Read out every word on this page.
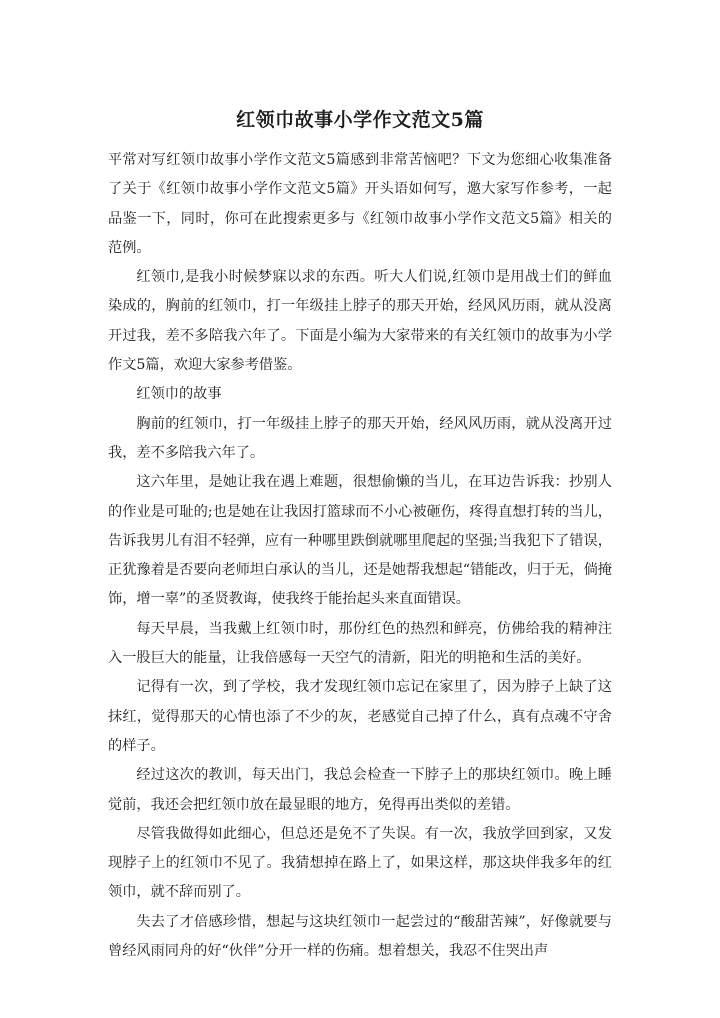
红领巾故事小学作文范文5篇

平常对写红领巾故事小学作文范文5篇感到非常苦恼吧？下文为您细心收集准备了关于《红领巾故事小学作文范文5篇》开头语如何写，邀大家写作参考，一起品鉴一下，同时，你可在此搜索更多与《红领巾故事小学作文范文5篇》相关的范例。

红领巾,是我小时候梦寐以求的东西。听大人们说,红领巾是用战士们的鲜血染成的，胸前的红领巾，打一年级挂上脖子的那天开始，经风风历雨，就从没离开过我，差不多陪我六年了。下面是小编为大家带来的有关红领巾的故事为小学作文5篇，欢迎大家参考借鉴。

红领巾的故事

胸前的红领巾，打一年级挂上脖子的那天开始，经风风历雨，就从没离开过我，差不多陪我六年了。

这六年里，是她让我在遇上难题，很想偷懒的当儿，在耳边告诉我：抄别人的作业是可耻的;也是她在让我因打篮球而不小心被砸伤，疼得直想打转的当儿，告诉我男儿有泪不轻弹，应有一种哪里跌倒就哪里爬起的坚强;当我犯下了错误，正犹豫着是否要向老师坦白承认的当儿，还是她帮我想起“错能改，归于无，倘掩饰，增一辜”的圣贤教诲，使我终于能抬起头来直面错误。

每天早晨，当我戴上红领巾时，那份红色的热烈和鲜亮，仿佛给我的精神注入一股巨大的能量，让我倍感每一天空气的清新，阳光的明艳和生活的美好。

记得有一次，到了学校，我才发现红领巾忘记在家里了，因为脖子上缺了这抹红，觉得那天的心情也添了不少的灰，老感觉自己掉了什么，真有点魂不守舍的样子。

经过这次的教训，每天出门，我总会检查一下脖子上的那块红领巾。晚上睡觉前，我还会把红领巾放在最显眼的地方，免得再出类似的差错。

尽管我做得如此细心，但总还是免不了失误。有一次，我放学回到家，又发现脖子上的红领巾不见了。我猜想掉在路上了，如果这样，那这块伴我多年的红领巾，就不辞而别了。

失去了才倍感珍惜，想起与这块红领巾一起尝过的“酸甜苦辣”，好像就要与曾经风雨同舟的好“伙伴”分开一样的伤痛。想着想关，我忍不住哭出声
